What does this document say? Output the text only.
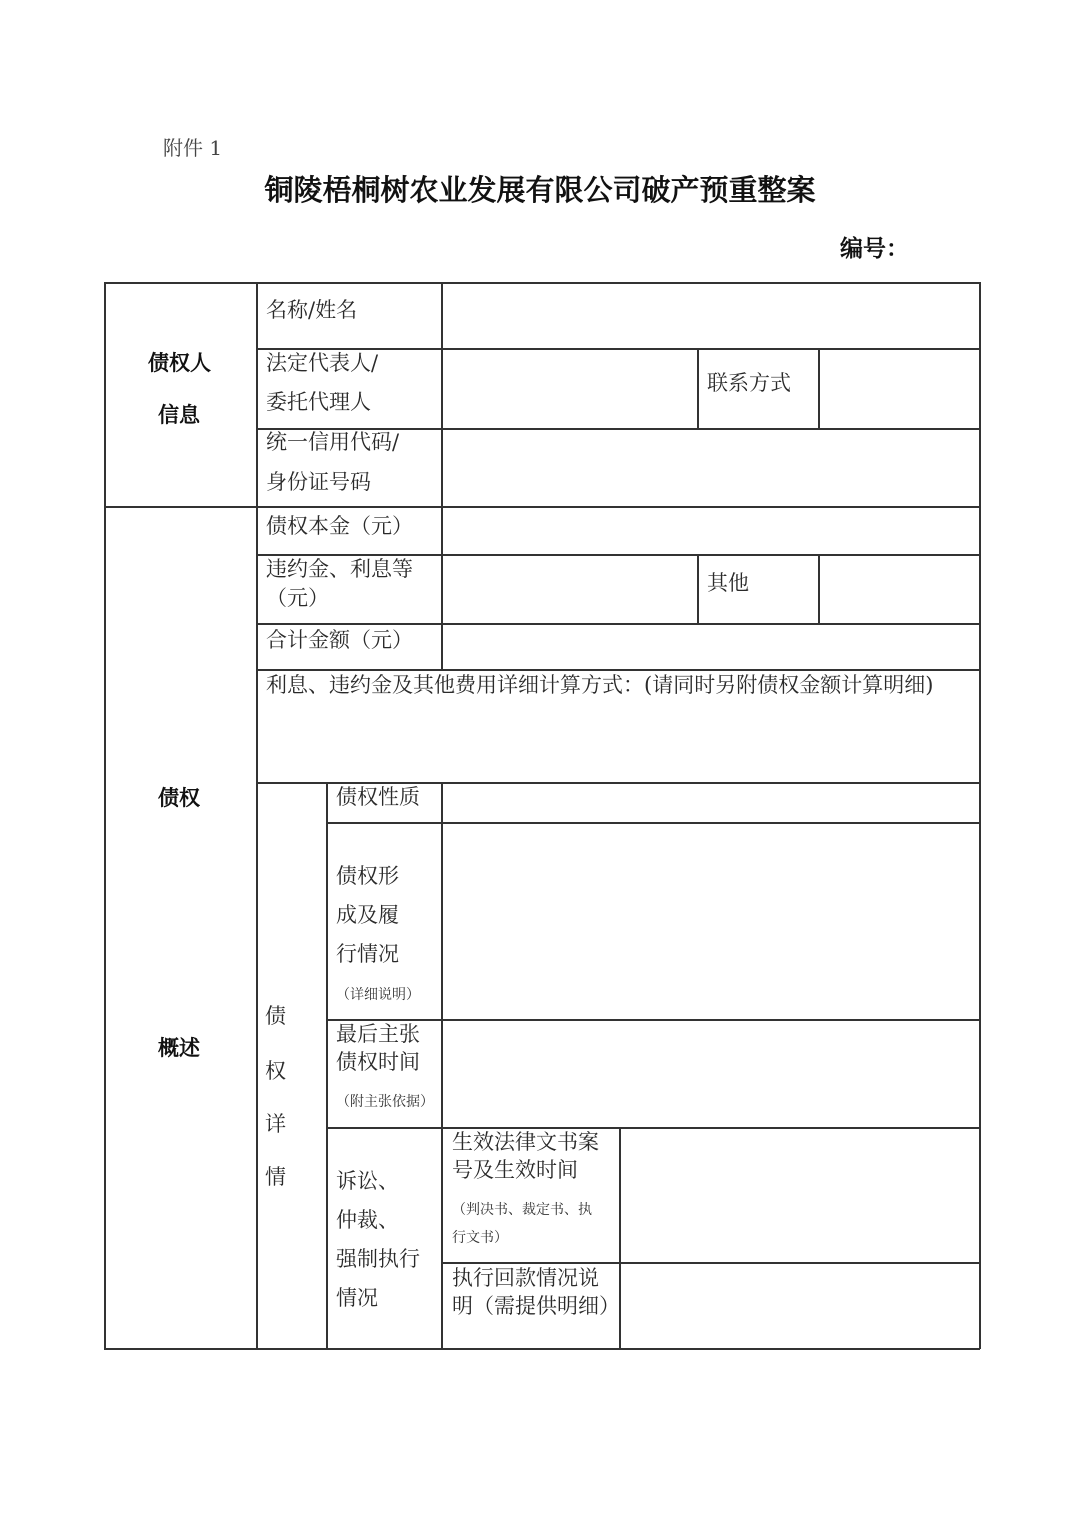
附件 1
铜陵梧桐树农业发展有限公司破产预重整案
编号：
债权人
信息
债权
概述
债
权
详
情
名称/姓名
法定代表人/
委托代理人
联系方式
统一信用代码/
身份证号码
债权本金（元）
违约金、利息等
（元）
其他
合计金额（元）
利息、违约金及其他费用详细计算方式：(请同时另附债权金额计算明细)
债权性质
债权形
成及履
行情况
（详细说明）
最后主张
债权时间
（附主张依据）
诉讼、
仲裁、
强制执行
情况
生效法律文书案
号及生效时间
（判决书、裁定书、执
行文书）
执行回款情况说
明（需提供明细）
